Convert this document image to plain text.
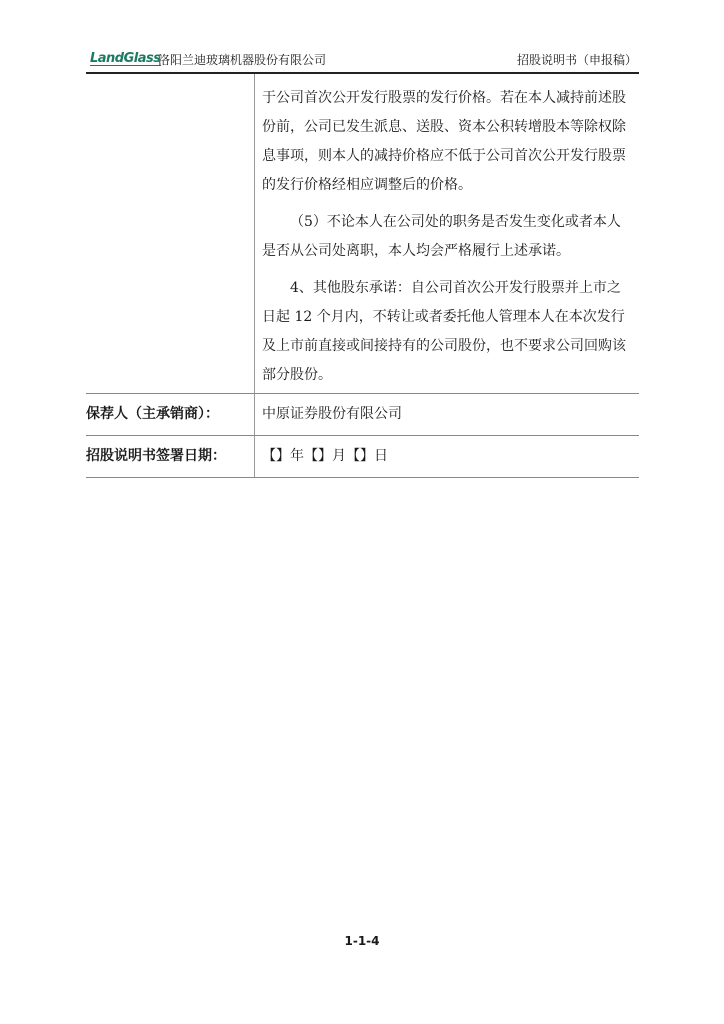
LandGlass
洛阳兰迪玻璃机器股份有限公司	招股说明书（申报稿）

于公司首次公开发行股票的发行价格。若在本人减持前述股份前，公司已发生派息、送股、资本公积转增股本等除权除息事项，则本人的减持价格应不低于公司首次公开发行股票的发行价格经相应调整后的价格。

（5）不论本人在公司处的职务是否发生变化或者本人是否从公司处离职，本人均会严格履行上述承诺。

4、其他股东承诺：自公司首次公开发行股票并上市之日起 12 个月内，不转让或者委托他人管理本人在本次发行及上市前直接或间接持有的公司股份，也不要求公司回购该部分股份。

保荐人（主承销商）：	中原证券股份有限公司
招股说明书签署日期：	【】年【】月【】日
1-1-4
